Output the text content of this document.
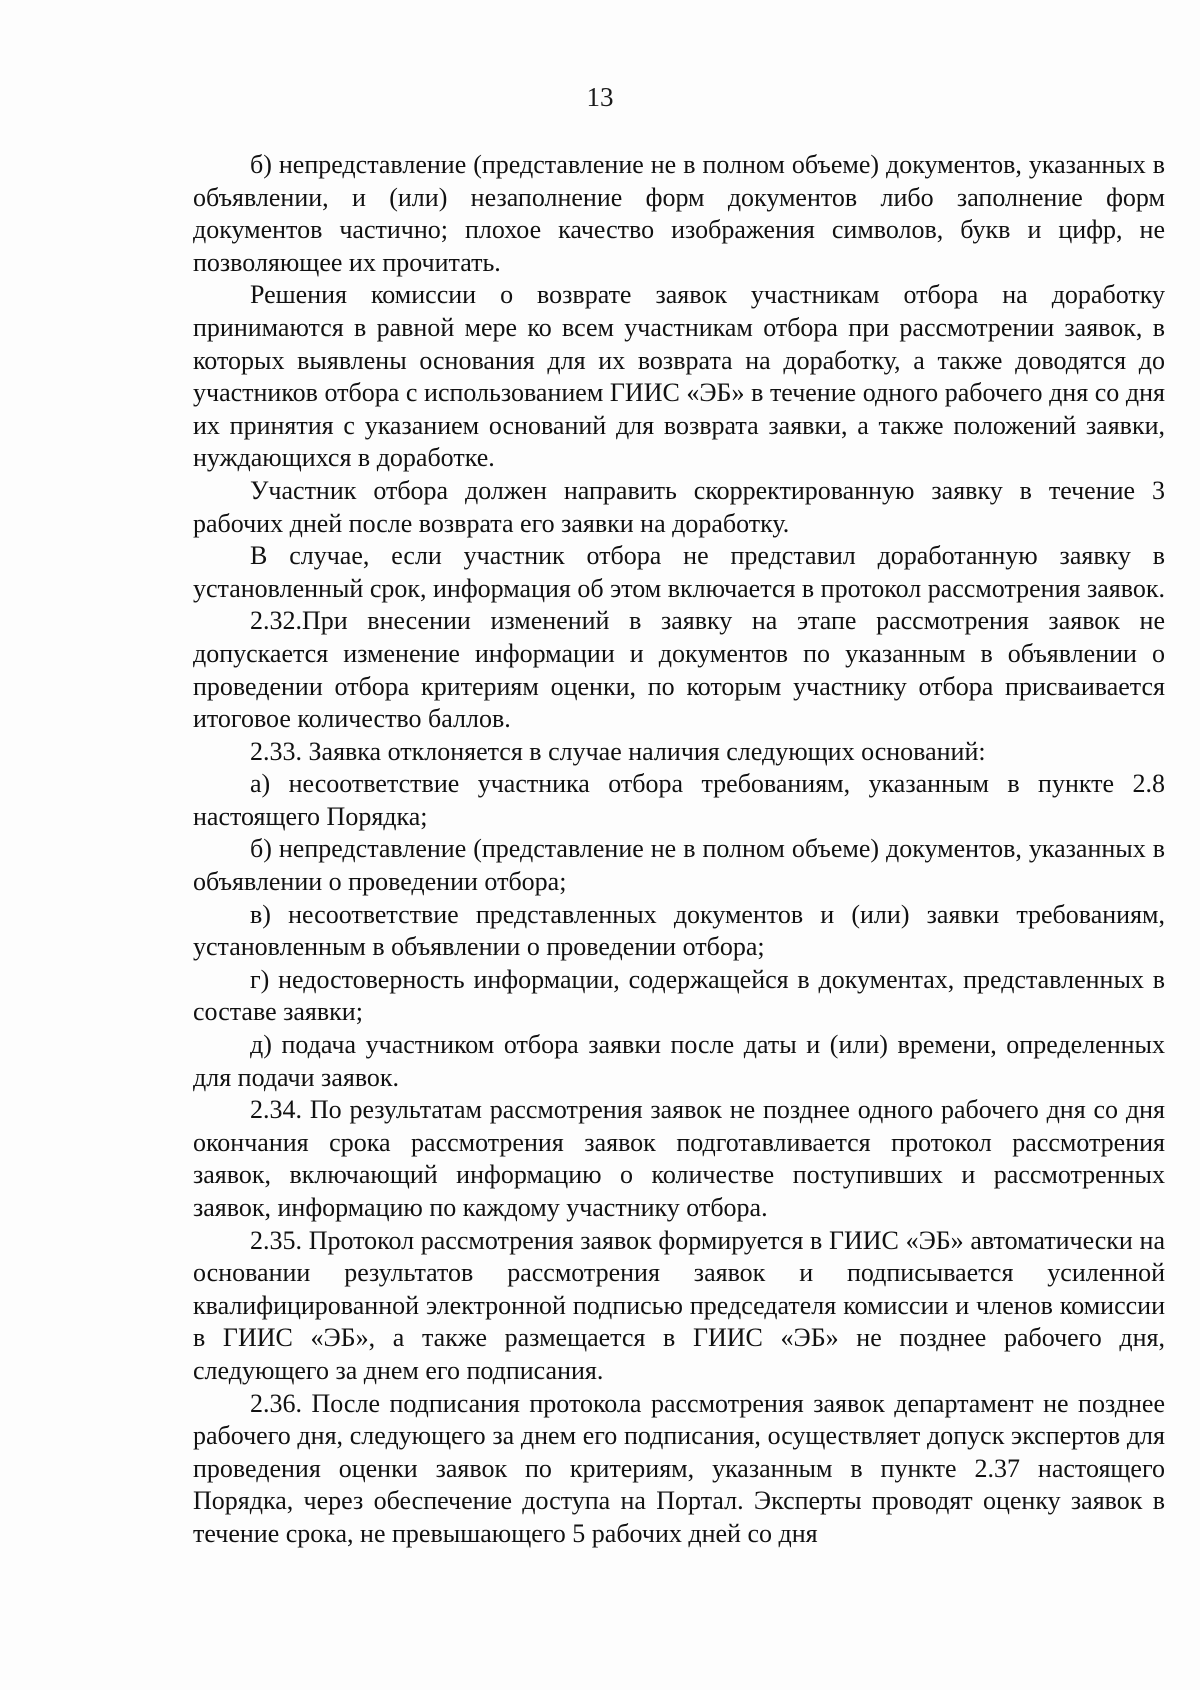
13

б) непредставление (представление не в полном объеме) документов, указанных в объявлении, и (или) незаполнение форм документов либо заполнение форм документов частично; плохое качество изображения символов, букв и цифр, не позволяющее их прочитать.

Решения комиссии о возврате заявок участникам отбора на доработку принимаются в равной мере ко всем участникам отбора при рассмотрении заявок, в которых выявлены основания для их возврата на доработку, а также доводятся до участников отбора с использованием ГИИС «ЭБ» в течение одного рабочего дня со дня их принятия с указанием оснований для возврата заявки, а также положений заявки, нуждающихся в доработке.

Участник отбора должен направить скорректированную заявку в течение 3 рабочих дней после возврата его заявки на доработку.

В случае, если участник отбора не представил доработанную заявку в установленный срок, информация об этом включается в протокол рассмотрения заявок.

2.32.При внесении изменений в заявку на этапе рассмотрения заявок не допускается изменение информации и документов по указанным в объявлении о проведении отбора критериям оценки, по которым участнику отбора присваивается итоговое количество баллов.

2.33. Заявка отклоняется в случае наличия следующих оснований:

а) несоответствие участника отбора требованиям, указанным в пункте 2.8 настоящего Порядка;

б) непредставление (представление не в полном объеме) документов, указанных в объявлении о проведении отбора;

в) несоответствие представленных документов и (или) заявки требованиям, установленным в объявлении о проведении отбора;

г) недостоверность информации, содержащейся в документах, представленных в составе заявки;

д) подача участником отбора заявки после даты и (или) времени, определенных для подачи заявок.

2.34. По результатам рассмотрения заявок не позднее одного рабочего дня со дня окончания срока рассмотрения заявок подготавливается протокол рассмотрения заявок, включающий информацию о количестве поступивших и рассмотренных заявок, информацию по каждому участнику отбора.

2.35. Протокол рассмотрения заявок формируется в ГИИС «ЭБ» автоматически на основании результатов рассмотрения заявок и подписывается усиленной квалифицированной электронной подписью председателя комиссии и членов комиссии в ГИИС «ЭБ», а также размещается в ГИИС «ЭБ» не позднее рабочего дня, следующего за днем его подписания.

2.36. После подписания протокола рассмотрения заявок департамент не позднее рабочего дня, следующего за днем его подписания, осуществляет допуск экспертов для проведения оценки заявок по критериям, указанным в пункте 2.37 настоящего Порядка, через обеспечение доступа на Портал. Эксперты проводят оценку заявок в течение срока, не превышающего 5 рабочих дней со дня
